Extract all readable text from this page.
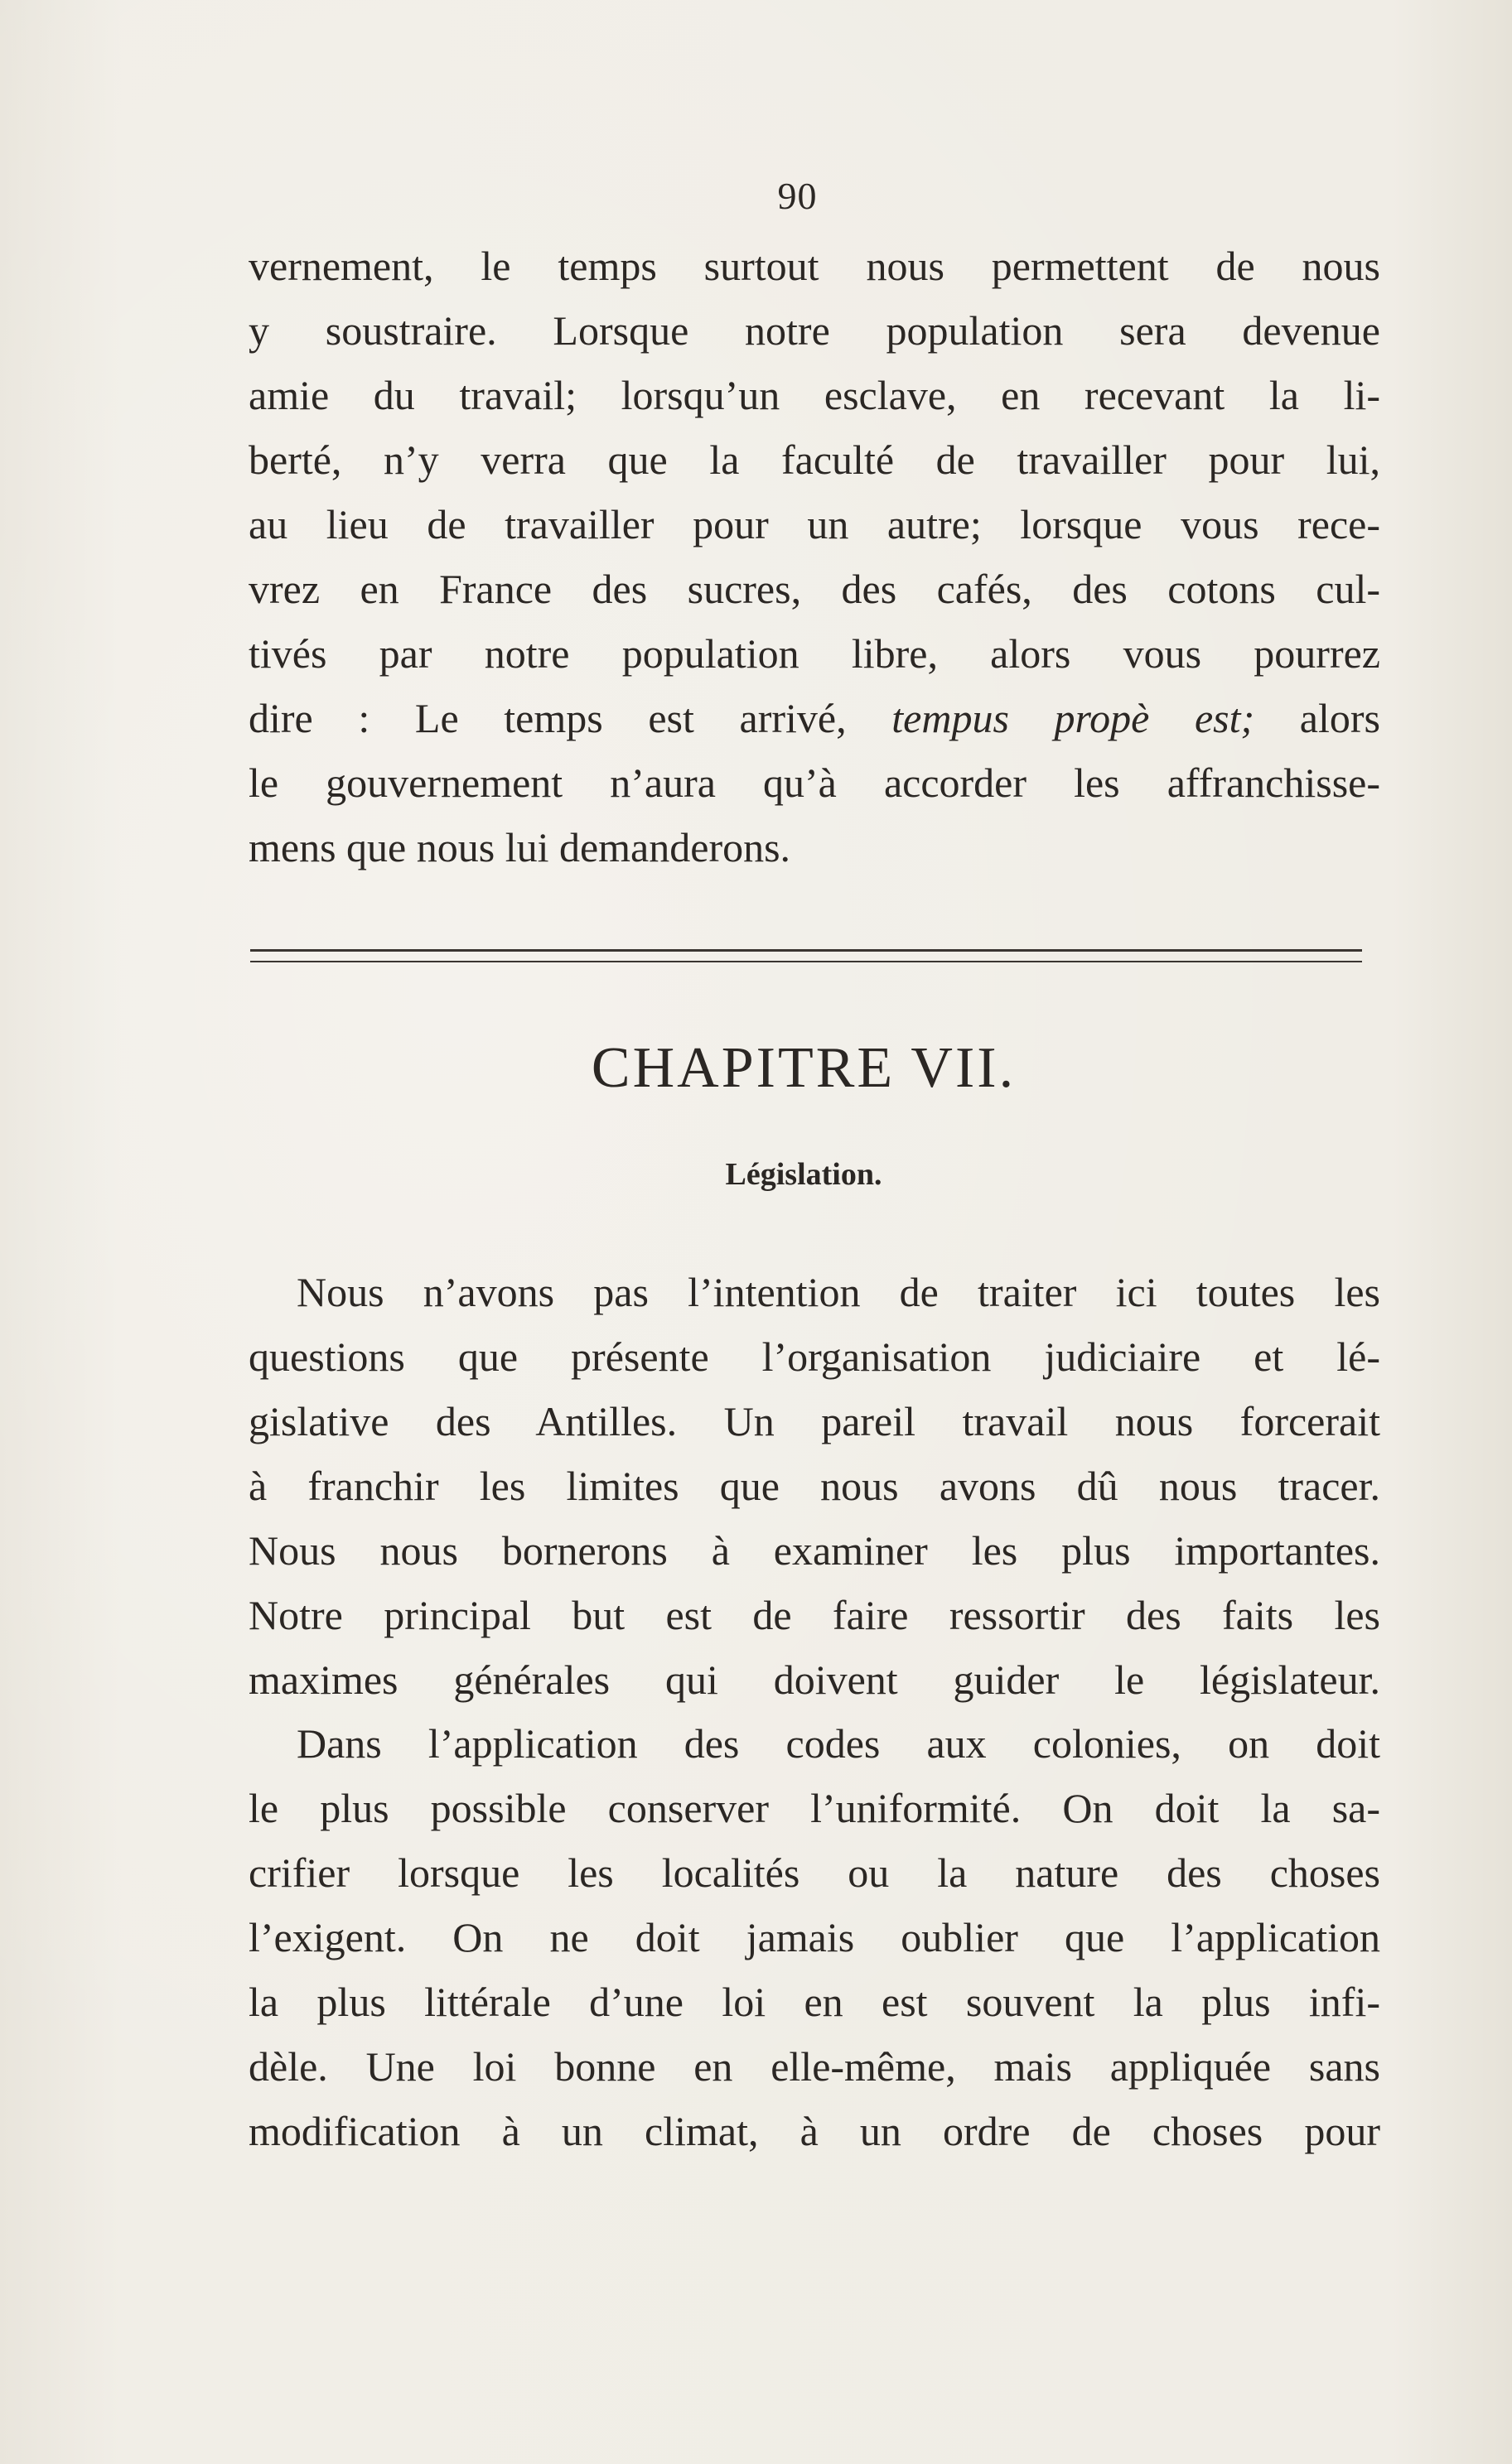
90
vernement, le temps surtout nous permettent de nous
y soustraire. Lorsque notre population sera devenue
amie du travail; lorsqu’un esclave, en recevant la li-
berté, n’y verra que la faculté de travailler pour lui,
au lieu de travailler pour un autre; lorsque vous rece-
vrez en France des sucres, des cafés, des cotons cul-
tivés par notre population libre, alors vous pourrez
dire : Le temps est arrivé, tempus propè est; alors
le gouvernement n’aura qu’à accorder les affranchisse-
mens que nous lui demanderons.
CHAPITRE VII.
Législation.
Nous n’avons pas l’intention de traiter ici toutes les
questions que présente l’organisation judiciaire et lé-
gislative des Antilles. Un pareil travail nous forcerait
à franchir les limites que nous avons dû nous tracer.
Nous nous bornerons à examiner les plus importantes.
Notre principal but est de faire ressortir des faits les
maximes générales qui doivent guider le législateur.
Dans l’application des codes aux colonies, on doit
le plus possible conserver l’uniformité. On doit la sa-
crifier lorsque les localités ou la nature des choses
l’exigent. On ne doit jamais oublier que l’application
la plus littérale d’une loi en est souvent la plus infi-
dèle. Une loi bonne en elle-même, mais appliquée sans
modification à un climat, à un ordre de choses pour
